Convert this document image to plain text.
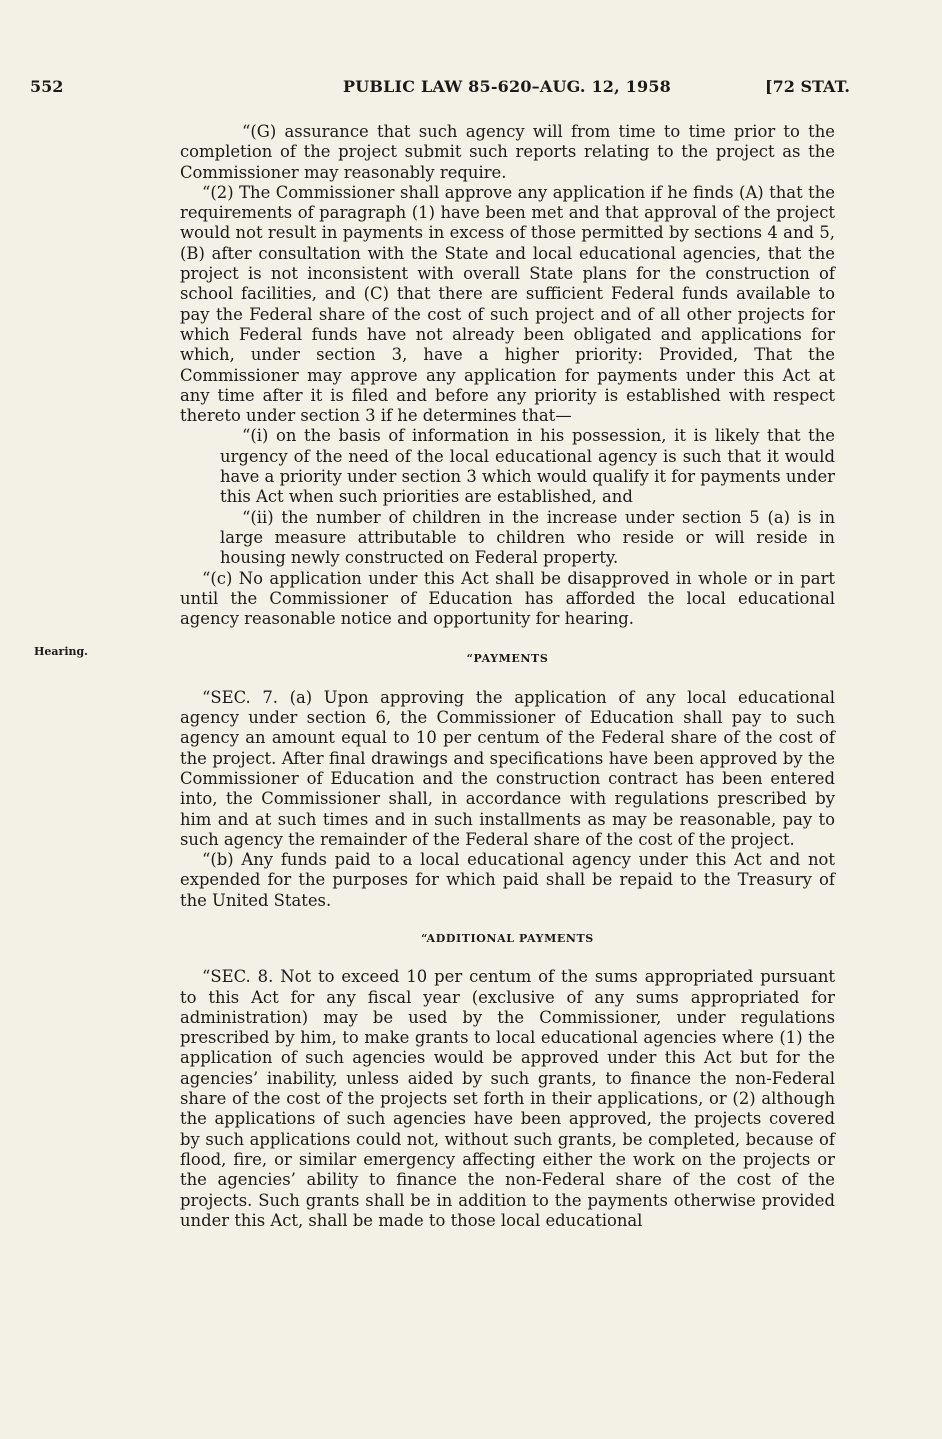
552	PUBLIC LAW 85-620–AUG. 12, 1958	[72 STAT.
Hearing.

“(G) assurance that such agency will from time to time prior to the completion of the project submit such reports relating to the project as the Commissioner may reasonably require.

“(2) The Commissioner shall approve any application if he finds (A) that the requirements of paragraph (1) have been met and that approval of the project would not result in payments in excess of those permitted by sections 4 and 5, (B) after consultation with the State and local educational agencies, that the project is not inconsistent with overall State plans for the construction of school facilities, and (C) that there are sufficient Federal funds available to pay the Federal share of the cost of such project and of all other projects for which Federal funds have not already been obligated and applications for which, under section 3, have a higher priority: Provided, That the Commissioner may approve any application for payments under this Act at any time after it is filed and before any priority is established with respect thereto under section 3 if he determines that—

“(i) on the basis of information in his possession, it is likely that the urgency of the need of the local educational agency is such that it would have a priority under section 3 which would qualify it for payments under this Act when such priorities are established, and

“(ii) the number of children in the increase under section 5 (a) is in large measure attributable to children who reside or will reside in housing newly constructed on Federal property.

“(c) No application under this Act shall be disapproved in whole or in part until the Commissioner of Education has afforded the local educational agency reasonable notice and opportunity for hearing.

“PAYMENTS

“SEC. 7. (a) Upon approving the application of any local educational agency under section 6, the Commissioner of Education shall pay to such agency an amount equal to 10 per centum of the Federal share of the cost of the project. After final drawings and specifications have been approved by the Commissioner of Education and the construction contract has been entered into, the Commissioner shall, in accordance with regulations prescribed by him and at such times and in such installments as may be reasonable, pay to such agency the remainder of the Federal share of the cost of the project.

“(b) Any funds paid to a local educational agency under this Act and not expended for the purposes for which paid shall be repaid to the Treasury of the United States.

“ADDITIONAL PAYMENTS

“SEC. 8. Not to exceed 10 per centum of the sums appropriated pursuant to this Act for any fiscal year (exclusive of any sums appropriated for administration) may be used by the Commissioner, under regulations prescribed by him, to make grants to local educational agencies where (1) the application of such agencies would be approved under this Act but for the agencies’ inability, unless aided by such grants, to finance the non-Federal share of the cost of the projects set forth in their applications, or (2) although the applications of such agencies have been approved, the projects covered by such applications could not, without such grants, be completed, because of flood, fire, or similar emergency affecting either the work on the projects or the agencies’ ability to finance the non-Federal share of the cost of the projects. Such grants shall be in addition to the payments otherwise provided under this Act, shall be made to those local educational
